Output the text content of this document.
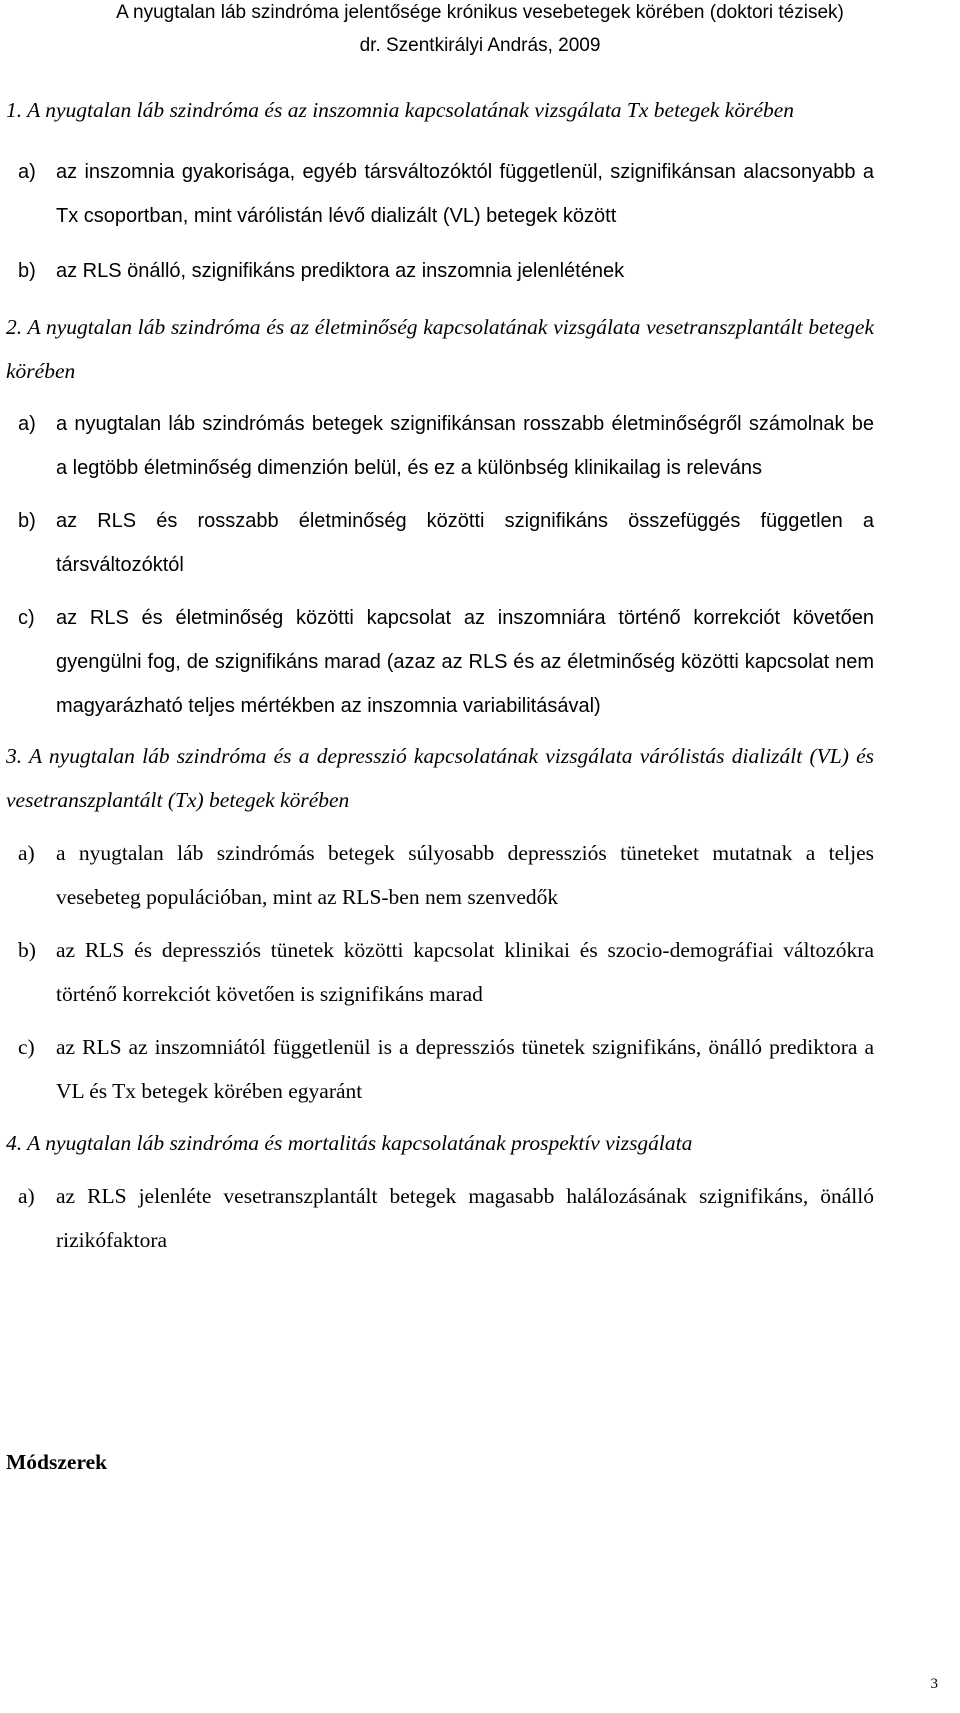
A nyugtalan láb szindróma jelentősége krónikus vesebetegek körében (doktori tézisek)
dr. Szentkirályi András, 2009

1. A nyugtalan láb szindróma és az inszomnia kapcsolatának vizsgálata Tx betegek körében

a)	az inszomnia gyakorisága, egyéb társváltozóktól függetlenül, szignifikánsan alacsonyabb a Tx csoportban, mint várólistán lévő dializált (VL) betegek között
b)	az RLS önálló, szignifikáns prediktora az inszomnia jelenlétének

2. A nyugtalan láb szindróma és az életminőség kapcsolatának vizsgálata vesetranszplantált betegek körében

a)	a nyugtalan láb szindrómás betegek szignifikánsan rosszabb életminőségről számolnak be a legtöbb életminőség dimenzión belül, és ez a különbség klinikailag is releváns
b)	az RLS és rosszabb életminőség közötti szignifikáns összefüggés független a társváltozóktól
c)	az RLS és életminőség közötti kapcsolat az inszomniára történő korrekciót követően gyengülni fog, de szignifikáns marad (azaz az RLS és az életminőség közötti kapcsolat nem magyarázható teljes mértékben az inszomnia variabilitásával)

3. A nyugtalan láb szindróma és a depresszió kapcsolatának vizsgálata várólistás dializált (VL) és vesetranszplantált (Tx) betegek körében

a) a nyugtalan láb szindrómás betegek súlyosabb depressziós tüneteket mutatnak a teljes vesebeteg populációban, mint az RLS-ben nem szenvedők
b) az RLS és depressziós tünetek közötti kapcsolat klinikai és szocio-demográfiai változókra történő korrekciót követően is szignifikáns marad
c) az RLS az inszomniától függetlenül is a depressziós tünetek szignifikáns, önálló prediktora a VL és Tx betegek körében egyaránt

4. A nyugtalan láb szindróma és mortalitás kapcsolatának prospektív vizsgálata

a) az RLS jelenléte vesetranszplantált betegek magasabb halálozásának szignifikáns, önálló rizikófaktora
Módszerek
3
